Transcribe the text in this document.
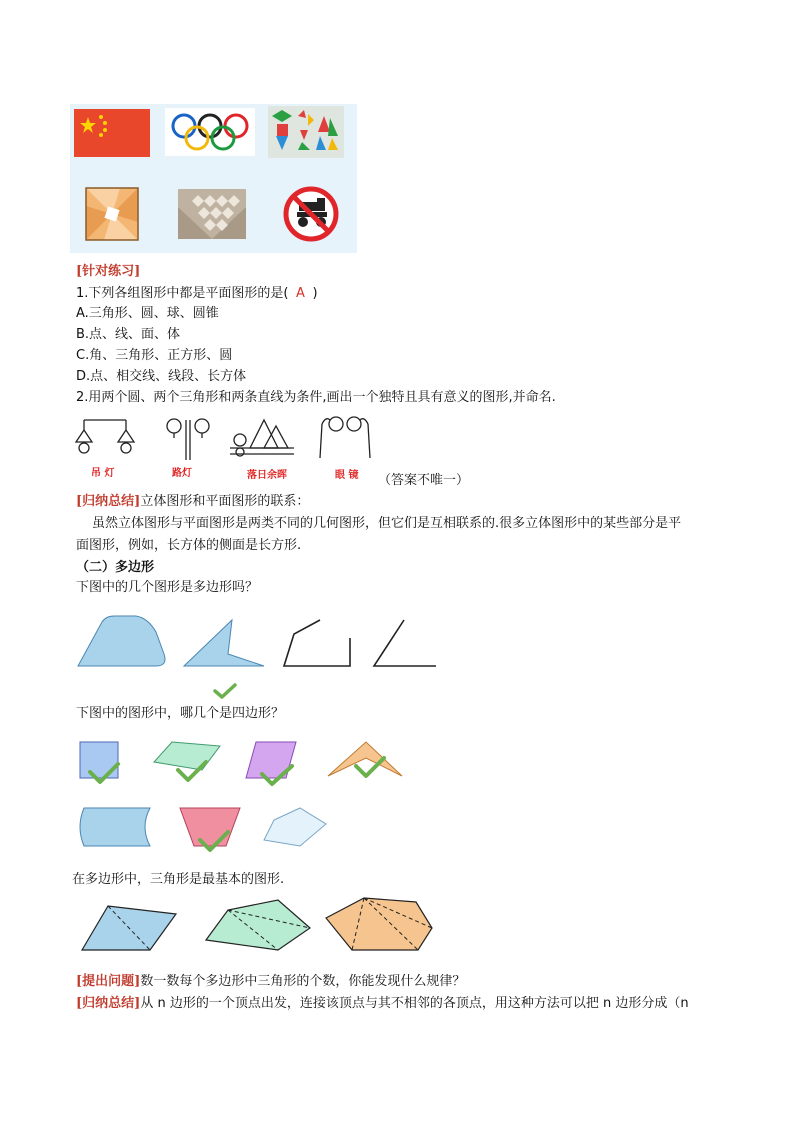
[针对练习]
1.下列各组图形中都是平面图形的是( A )
A.三角形、圆、球、圆锥
B.点、线、面、体
C.角、三角形、正方形、圆
D.点、相交线、线段、长方体
2.用两个圆、两个三角形和两条直线为条件,画出一个独特且具有意义的图形,并命名.
吊 灯	路灯	落日余晖	眼 镜 （答案不唯一）
[归纳总结]立体图形和平面图形的联系：
虽然立体图形与平面图形是两类不同的几何图形，但它们是互相联系的.很多立体图形中的某些部分是平
面图形，例如，长方体的侧面是长方形.
（二）多边形
下图中的几个图形是多边形吗？
下图中的图形中，哪几个是四边形？
在多边形中，三角形是最基本的图形.
[提出问题]数一数每个多边形中三角形的个数，你能发现什么规律？
[归纳总结]从 n 边形的一个顶点出发，连接该顶点与其不相邻的各顶点，用这种方法可以把 n 边形分成（n
